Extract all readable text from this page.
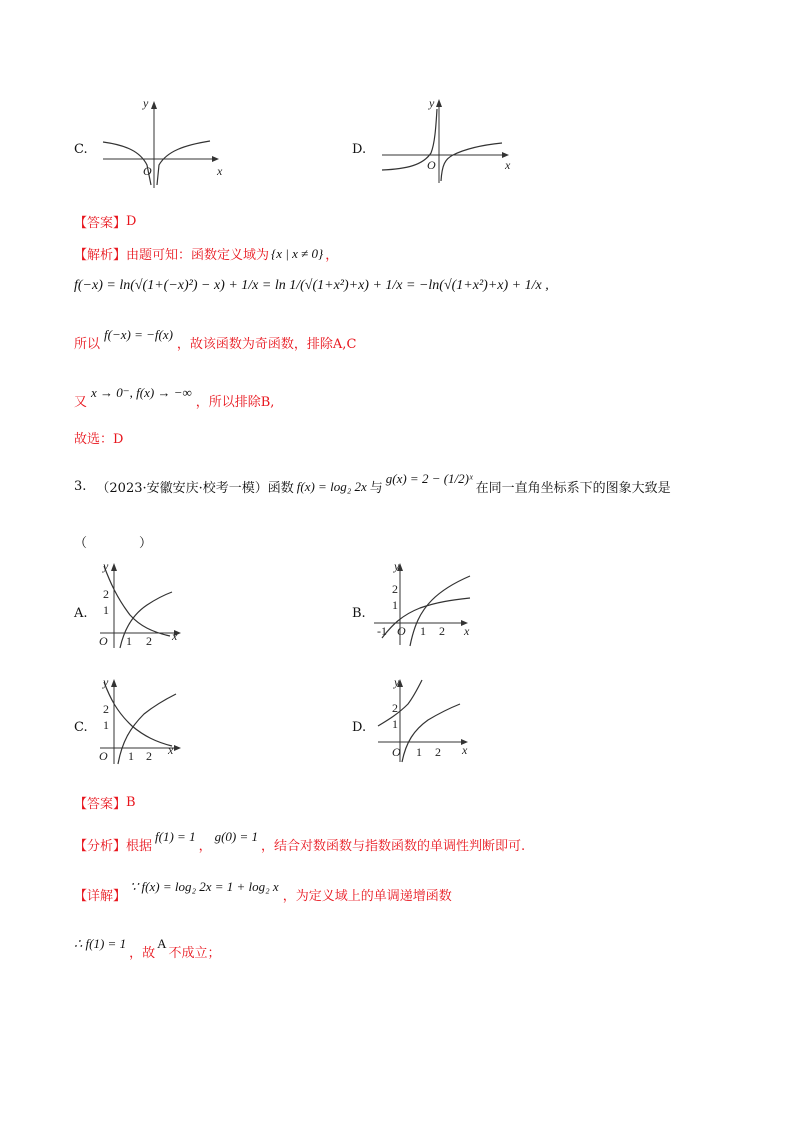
C.
y
x
O
D.
y
x
O
【答案】 D
【解析】 由题可知：函数定义域为 {x | x ≠ 0} ，
f(−x) = ln(√(1+(−x)²) − x) + 1/x = ln 1/(√(1+x²)+x) + 1/x = −ln(√(1+x²)+x) + 1/x ,
所以
f(−x) = −f(x)
，故该函数为奇函数，排除A,C
又
x → 0⁻, f(x) → −∞
，所以排除B,
故选：D
3. （2023·安徽安庆·校考一模）函数 f(x) = log₂ 2x 与
g(x) = 2 − (1/2)ˣ
在同一直角坐标系下的图象大致是
（　　　　）
A.
y
2
1
O 1 2 x
B.
y
2
1
-1 O 1 2 x
C.
y
2
1
O 1 2 x
D.
y
2
1
O 1 2 x
【答案】 B
【分析】 根据
f(1) = 1
，
g(0) = 1
，结合对数函数与指数函数的单调性判断即可.
【详解】
∵ f(x) = log₂ 2x = 1 + log₂ x
，为定义域上的单调递增函数
∴ f(1) = 1
，故
A
不成立；
